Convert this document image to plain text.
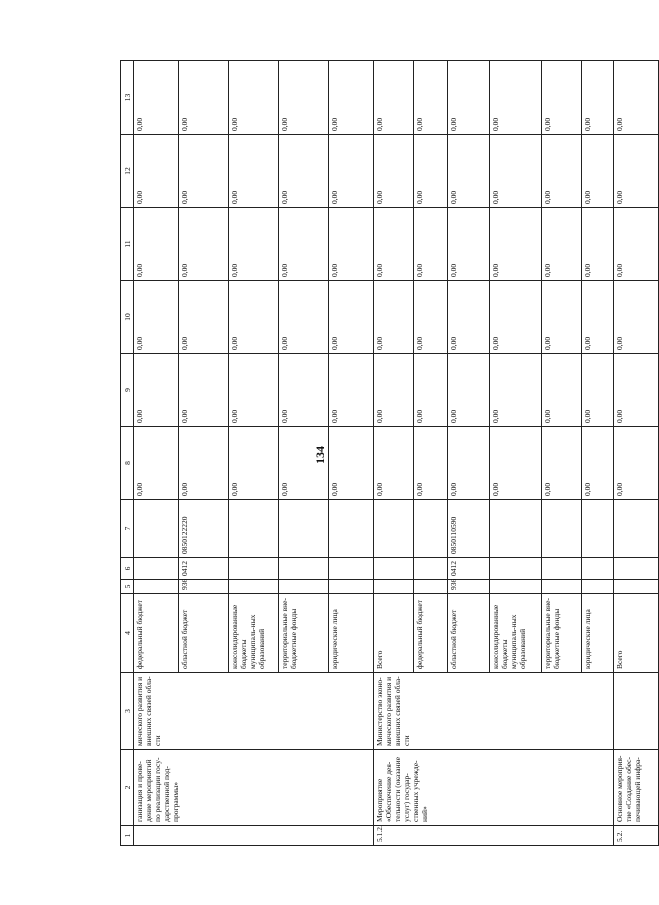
134
1	2	3	4	5	6	7	8	9	10	11	12	13
	ганизация и прове-дение мероприятий по реализации госу-дарственной под-программы»	мического развития и внешних связей обла-сти	федеральный бюджет				0,00	0,00	0,00	0,00	0,00	0,00
			областной бюджет	936	0412	0850122220	0,00	0,00	0,00	0,00	0,00	0,00
			консолидированные бюджеты муниципаль-ных образований				0,00	0,00	0,00	0,00	0,00	0,00
			территориальные вне-бюджетные фонды				0,00	0,00	0,00	0,00	0,00	0,00
			юридические лица				0,00	0,00	0,00	0,00	0,00	0,00
5.1.2.	Мероприятие «Обеспечение дея-тельности (оказание услуг) государ-ственных учрежде-ний»	Министерство эконо-мического развития и внешних связей обла-сти	Всего				0,00	0,00	0,00	0,00	0,00	0,00
			федеральный бюджет				0,00	0,00	0,00	0,00	0,00	0,00
			областной бюджет	936	0412	0850110590	0,00	0,00	0,00	0,00	0,00	0,00
			консолидированные бюджеты муниципаль-ных образований				0,00	0,00	0,00	0,00	0,00	0,00
			территориальные вне-бюджетные фонды				0,00	0,00	0,00	0,00	0,00	0,00
			юридические лица				0,00	0,00	0,00	0,00	0,00	0,00
5.2.	Основное мероприя-тие «Создание обес-печивающей инфра-		Всего				0,00	0,00	0,00	0,00	0,00	0,00
